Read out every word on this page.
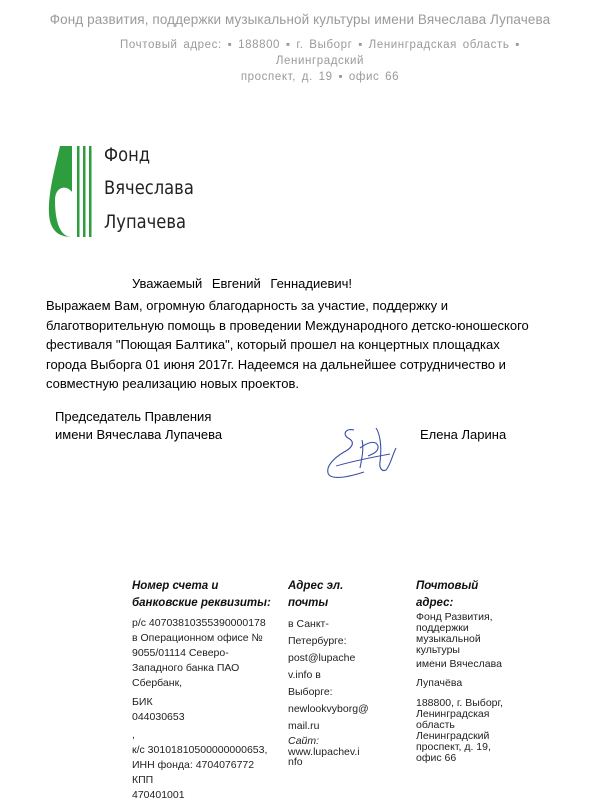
Фонд развития, поддержки музыкальной культуры имени Вячеслава Лупачева
Почтовый адрес: ▪ 188800 ▪ г. Выборг ▪ Ленинградская область ▪ Ленинградский
проспект, д. 19 ▪ офис 66
Фонд
Вячеслава
Лупачева
Уважаемый Евгений Геннадиевич!
Выражаем Вам, огромную благодарность за участие, поддержку и
благотворительную помощь в проведении Международного детско-юношеского
фестиваля "Поющая Балтика", который прошел на концертных площадках
города Выборга 01 июня 2017г. Надеемся на дальнейшее сотрудничество и
совместную реализацию новых проектов.
Председатель Правления
имени Вячеслава Лупачева	Елена Ларина
Номер счета и
банковские реквизиты:
р/с 40703810355390000178
в Операционном офисе №
9055/01114 Северо-
Западного банка ПАО
Сбербанк,
БИК
044030653
,
к/с 30101810500000000653,
ИНН фонда: 4704076772 КПП
470401001
Адрес эл.
почты
в Санкт-
Петербурге:
post@lupache
v.info в
Выборге:
newlookvyborg@
mail.ru
Сайт:
www.lupachev.i
nfo
Почтовый адрес:
Фонд Развития,
поддержки
музыкальной
культуры
имени Вячеслава
Лупачёва
188800, г. Выборг,
Ленинградская
область
Ленинградский
проспект, д. 19,
офис 66
